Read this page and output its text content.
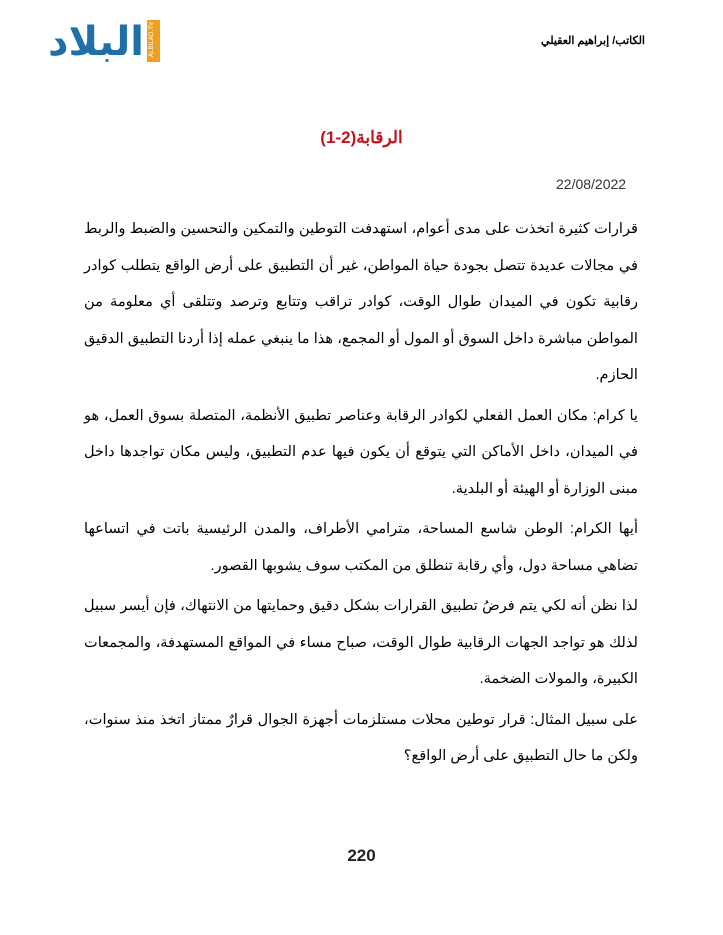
البلاد ALBILAD.TV	الكاتب/ إبراهيم العقيلي
الرقابة(2-1)
22/08/2022

قرارات كثيرة اتخذت على مدى أعوام، استهدفت التوطين والتمكين والتحسين والضبط والربط في مجالات عديدة تتصل بجودة حياة المواطن، غير أن التطبيق على أرض الواقع يتطلب كوادر رقابية تكون في الميدان طوال الوقت، كوادر تراقب وتتابع وترصد وتتلقى أي معلومة من المواطن مباشرة داخل السوق أو المول أو المجمع، هذا ما ينبغي عمله إذا أردنا التطبيق الدقيق الحازم.

يا كرام: مكان العمل الفعلي لكوادر الرقابة وعناصر تطبيق الأنظمة، المتصلة بسوق العمل، هو في الميدان، داخل الأماكن التي يتوقع أن يكون فيها عدم التطبيق، وليس مكان تواجدها داخل مبنى الوزارة أو الهيئة أو البلدية.

أيها الكرام: الوطن شاسع المساحة، مترامي الأطراف، والمدن الرئيسية باتت في اتساعها تضاهي مساحة دول، وأي رقابة تنطلق من المكتب سوف يشوبها القصور.

لذا نظن أنه لكي يتم فرضُ تطبيق القرارات بشكل دقيق وحمايتها من الانتهاك، فإن أيسر سبيل لذلك هو تواجد الجهات الرقابية طوال الوقت، صباح مساء في المواقع المستهدفة، والمجمعات الكبيرة، والمولات الضخمة.

على سبيل المثال: قرار توطين محلات مستلزمات أجهزة الجوال قرارٌ ممتاز اتخذ منذ سنوات، ولكن ما حال التطبيق على أرض الواقع؟

220
